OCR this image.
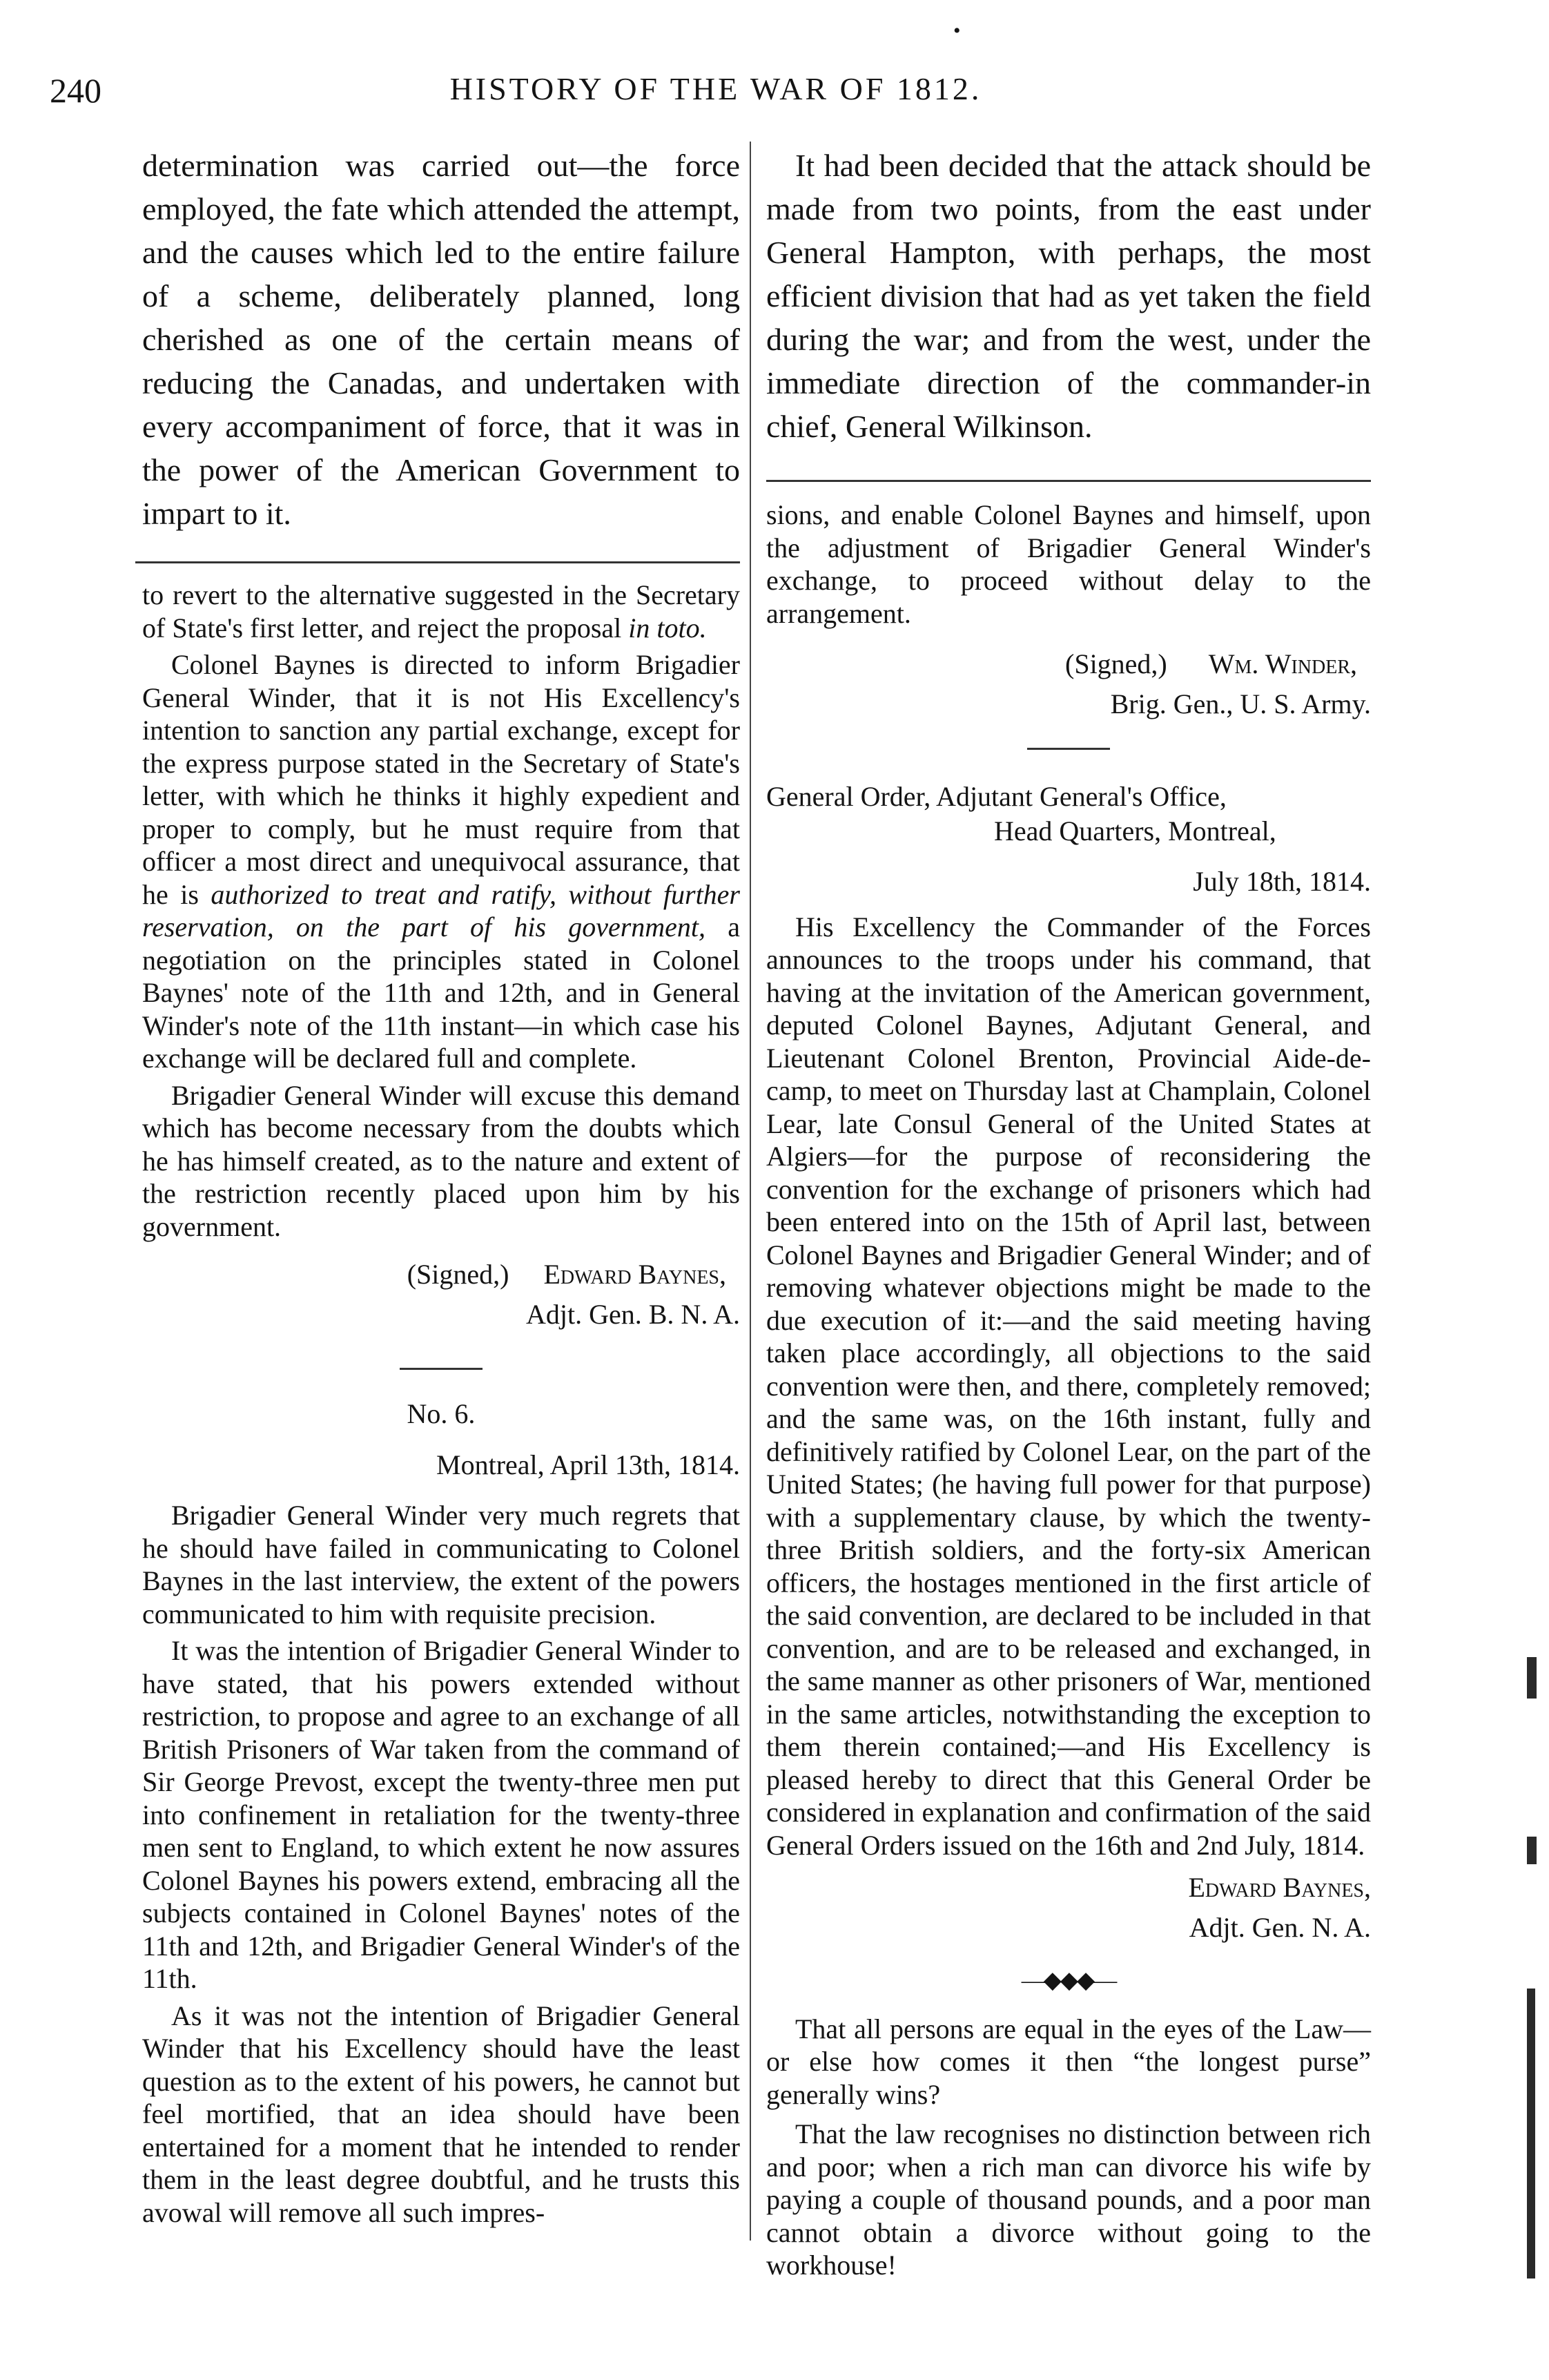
240	HISTORY OF THE WAR OF 1812.
•

determination was carried out—the force employed, the fate which attended the attempt, and the causes which led to the entire failure of a scheme, deliberately planned, long cherished as one of the certain means of reducing the Canadas, and undertaken with every accompaniment of force, that it was in the power of the American Government to impart to it.

to revert to the alternative suggested in the Secretary of State's first letter, and reject the proposal in toto.

Colonel Baynes is directed to inform Brigadier General Winder, that it is not His Excellency's intention to sanction any partial exchange, except for the express purpose stated in the Secretary of State's letter, with which he thinks it highly expedient and proper to comply, but he must require from that officer a most direct and unequivocal assurance, that he is authorized to treat and ratify, without further reservation, on the part of his government, a negotiation on the principles stated in Colonel Baynes' note of the 11th and 12th, and in General Winder's note of the 11th instant—in which case his exchange will be declared full and complete.

Brigadier General Winder will excuse this demand which has become necessary from the doubts which he has himself created, as to the nature and extent of the restriction recently placed upon him by his government.

(Signed,) Edward Baynes,

Adjt. Gen. B. N. A.

No. 6.

Montreal, April 13th, 1814.

Brigadier General Winder very much regrets that he should have failed in communicating to Colonel Baynes in the last interview, the extent of the powers communicated to him with requisite precision.

It was the intention of Brigadier General Winder to have stated, that his powers extended without restriction, to propose and agree to an exchange of all British Prisoners of War taken from the command of Sir George Prevost, except the twenty-three men put into confinement in retaliation for the twenty-three men sent to England, to which extent he now assures Colonel Baynes his powers extend, embracing all the subjects contained in Colonel Baynes' notes of the 11th and 12th, and Brigadier General Winder's of the 11th.

As it was not the intention of Brigadier General Winder that his Excellency should have the least question as to the extent of his powers, he cannot but feel mortified, that an idea should have been entertained for a moment that he intended to render them in the least degree doubtful, and he trusts this avowal will remove all such impres-

It had been decided that the attack should be made from two points, from the east under General Hampton, with perhaps, the most efficient division that had as yet taken the field during the war; and from the west, under the immediate direction of the commander-in chief, General Wilkinson.

sions, and enable Colonel Baynes and himself, upon the adjustment of Brigadier General Winder's exchange, to proceed without delay to the arrangement.

(Signed,) Wm. Winder,

Brig. Gen., U. S. Army.

General Order, Adjutant General's Office,

Head Quarters, Montreal,

July 18th, 1814.

His Excellency the Commander of the Forces announces to the troops under his command, that having at the invitation of the American government, deputed Colonel Baynes, Adjutant General, and Lieutenant Colonel Brenton, Provincial Aide-de-camp, to meet on Thursday last at Champlain, Colonel Lear, late Consul General of the United States at Algiers—for the purpose of reconsidering the convention for the exchange of prisoners which had been entered into on the 15th of April last, between Colonel Baynes and Brigadier General Winder; and of removing whatever objections might be made to the due execution of it:—and the said meeting having taken place accordingly, all objections to the said convention were then, and there, completely removed; and the same was, on the 16th instant, fully and definitively ratified by Colonel Lear, on the part of the United States; (he having full power for that purpose) with a supplementary clause, by which the twenty-three British soldiers, and the forty-six American officers, the hostages mentioned in the first article of the said convention, are declared to be included in that convention, and are to be released and exchanged, in the same manner as other prisoners of War, mentioned in the same articles, notwithstanding the exception to them therein contained;—and His Excellency is pleased hereby to direct that this General Order be considered in explanation and confirmation of the said General Orders issued on the 16th and 2nd July, 1814.

Edward Baynes,

Adjt. Gen. N. A.

—◆◆◆—

That all persons are equal in the eyes of the Law—or else how comes it then “the longest purse” generally wins?

That the law recognises no distinction between rich and poor; when a rich man can divorce his wife by paying a couple of thousand pounds, and a poor man cannot obtain a divorce without going to the workhouse!
